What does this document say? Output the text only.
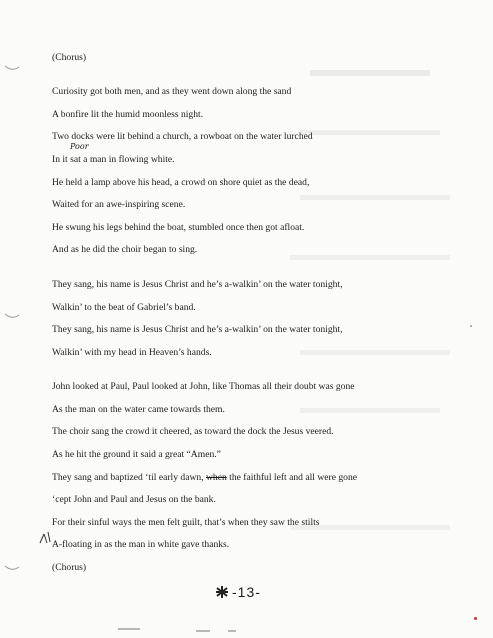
(Chorus)
Curiosity got both men, and as they went down along the sand
A bonfire lit the humid moonless night.
Two docks were lit behind a church, a rowboat on the water lurched
In it sat a man in flowing white.
Poor
He held a lamp above his head, a crowd on shore quiet as the dead,
Waited for an awe-inspiring scene.
He swung his legs behind the boat, stumbled once then got afloat.
And as he did the choir began to sing.
They sang, his name is Jesus Christ and he’s a-walkin’ on the water tonight,
Walkin’ to the beat of Gabriel’s band.
They sang, his name is Jesus Christ and he’s a-walkin’ on the water tonight,
Walkin’ with my head in Heaven’s hands.
John looked at Paul, Paul looked at John, like Thomas all their doubt was gone
As the man on the water came towards them.
The choir sang the crowd it cheered, as toward the dock the Jesus veered.
As he hit the ground it said a great “Amen.”
They sang and baptized ‘til early dawn, when the faithful left and all were gone
‘cept John and Paul and Jesus on the bank.
For their sinful ways the men felt guilt, that’s when they saw the stilts
A-floating in as the man in white gave thanks.
(Chorus)
-13-
